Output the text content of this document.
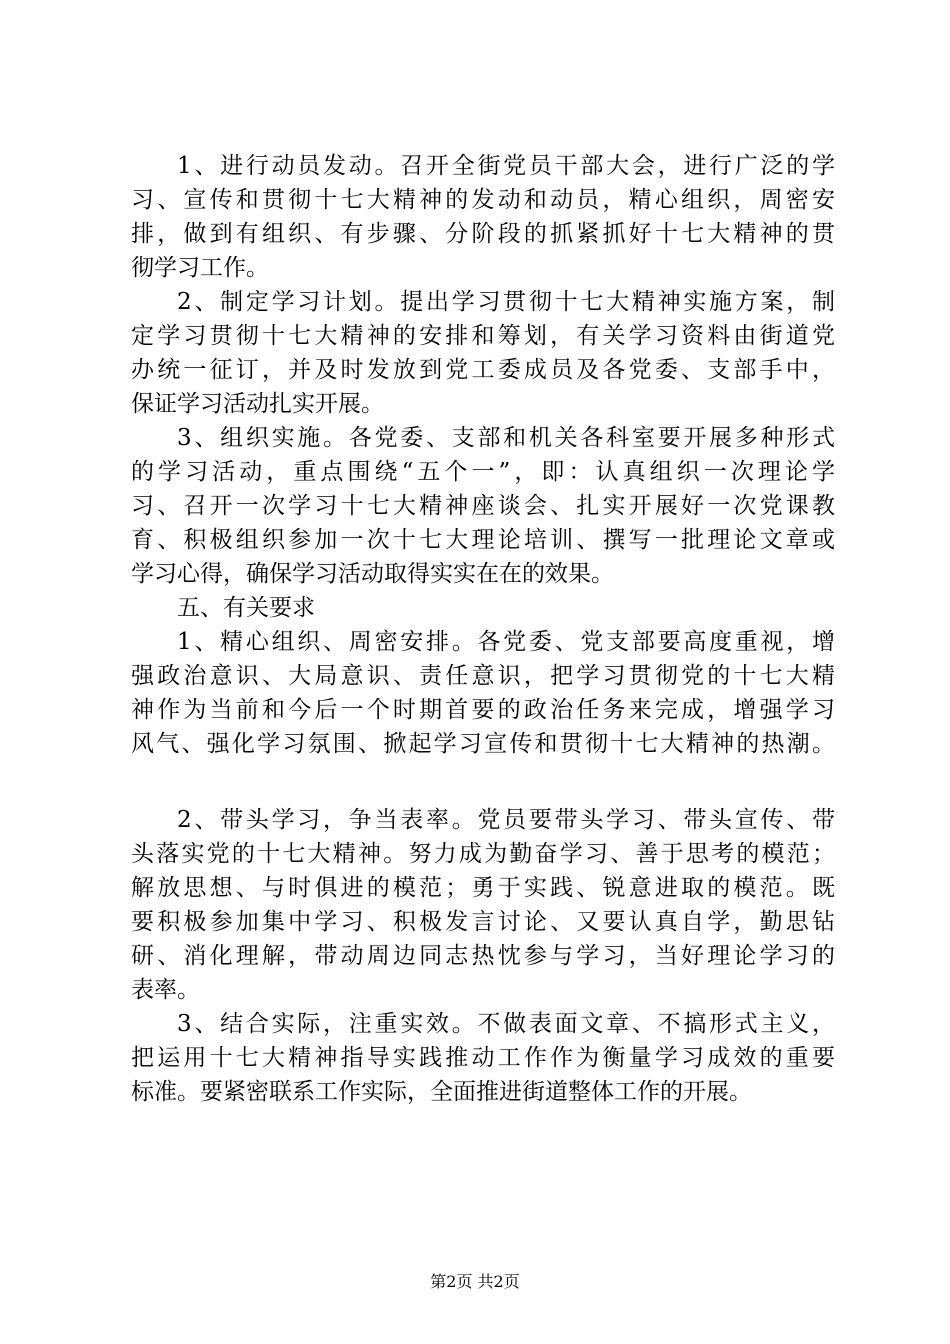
1、进行动员发动。召开全街党员干部大会，进行广泛的学
习、宣传和贯彻十七大精神的发动和动员，精心组织，周密安
排，做到有组织、有步骤、分阶段的抓紧抓好十七大精神的贯
彻学习工作。
2、制定学习计划。提出学习贯彻十七大精神实施方案，制
定学习贯彻十七大精神的安排和筹划，有关学习资料由街道党
办统一征订，并及时发放到党工委成员及各党委、支部手中，
保证学习活动扎实开展。
3、组织实施。各党委、支部和机关各科室要开展多种形式
的学习活动，重点围绕“五个一”，即：认真组织一次理论学
习、召开一次学习十七大精神座谈会、扎实开展好一次党课教
育、积极组织参加一次十七大理论培训、撰写一批理论文章或
学习心得，确保学习活动取得实实在在的效果。
五、有关要求
1、精心组织、周密安排。各党委、党支部要高度重视，增
强政治意识、大局意识、责任意识，把学习贯彻党的十七大精
神作为当前和今后一个时期首要的政治任务来完成，增强学习
风气、强化学习氛围、掀起学习宣传和贯彻十七大精神的热潮。
2、带头学习，争当表率。党员要带头学习、带头宣传、带
头落实党的十七大精神。努力成为勤奋学习、善于思考的模范；
解放思想、与时俱进的模范；勇于实践、锐意进取的模范。既
要积极参加集中学习、积极发言讨论、又要认真自学，勤思钻
研、消化理解，带动周边同志热忱参与学习，当好理论学习的
表率。
3、结合实际，注重实效。不做表面文章、不搞形式主义，
把运用十七大精神指导实践推动工作作为衡量学习成效的重要
标准。要紧密联系工作实际，全面推进街道整体工作的开展。
第2页 共2页
